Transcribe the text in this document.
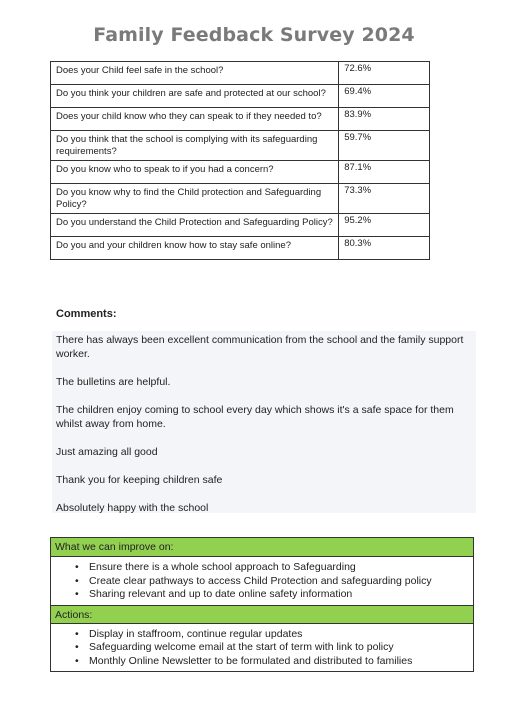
Family Feedback Survey 2024
Does your Child feel safe in the school?	72.6%
Do you think your children are safe and protected at our school?	69.4%
Does your child know who they can speak to if they needed to?	83.9%
Do you think that the school is complying with its safeguarding requirements?	59.7%
Do you know who to speak to if you had a concern?	87.1%
Do you know why to find the Child protection and Safeguarding Policy?	73.3%
Do you understand the Child Protection and Safeguarding Policy?	95.2%
Do you and your children know how to stay safe online?	80.3%
Comments:

There has always been excellent communication from the school and the family support worker.

The bulletins are helpful.

The children enjoy coming to school every day which shows it's a safe space for them whilst away from home.

Just amazing all good

Thank you for keeping children safe

Absolutely happy with the school

What we can improve on:
• Ensure there is a whole school approach to Safeguarding
• Create clear pathways to access Child Protection and safeguarding policy
• Sharing relevant and up to date online safety information
Actions:
• Display in staffroom, continue regular updates
• Safeguarding welcome email at the start of term with link to policy
• Monthly Online Newsletter to be formulated and distributed to families
